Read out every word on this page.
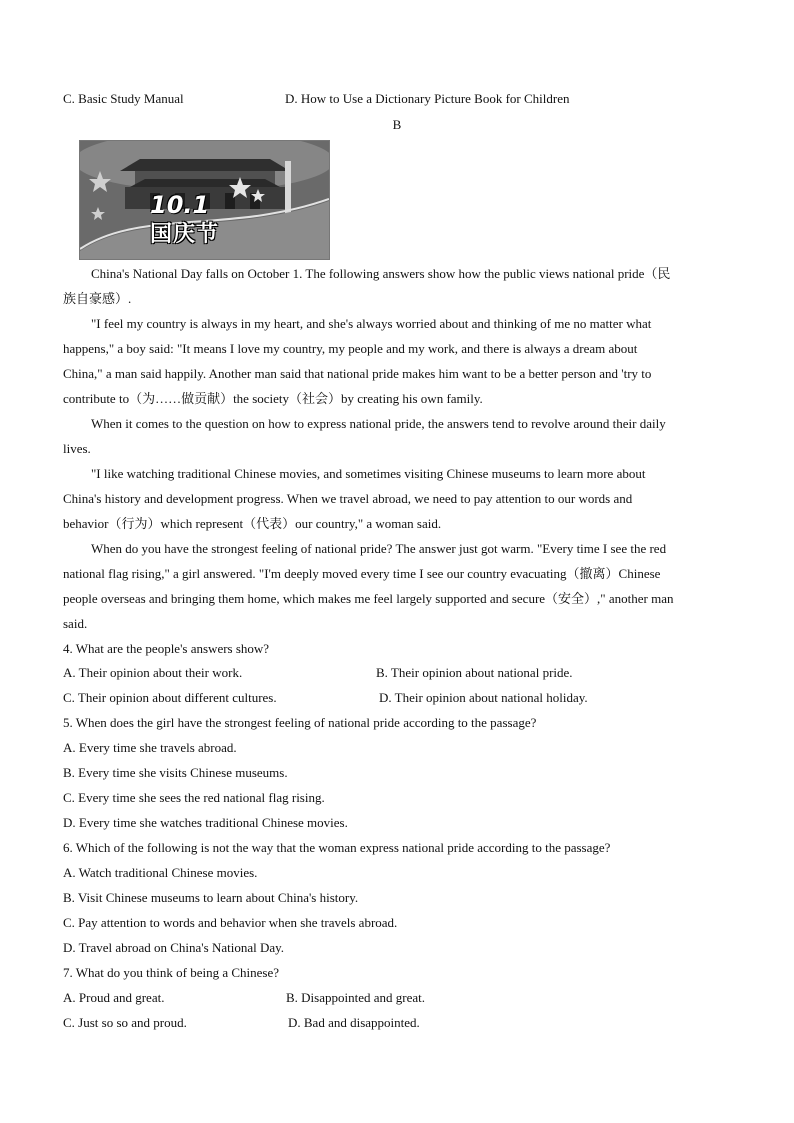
C. Basic Study Manual	D. How to Use a Dictionary Picture Book for Children
B
10.1
国庆节
China's National Day falls on October 1. The following answers show how the public views national pride（民
族自豪感）.
"I feel my country is always in my heart, and she's always worried about and thinking of me no matter what
happens," a boy said: "It means I love my country, my people and my work, and there is always a dream about
China," a man said happily. Another man said that national pride makes him want to be a better person and 'try to
contribute to（为……做贡献）the society（社会）by creating his own family.
When it comes to the question on how to express national pride, the answers tend to revolve around their daily
lives.
"I like watching traditional Chinese movies, and sometimes visiting Chinese museums to learn more about
China's history and development progress. When we travel abroad, we need to pay attention to our words and
behavior（行为）which represent（代表）our country," a woman said.
When do you have the strongest feeling of national pride? The answer just got warm. "Every time I see the red
national flag rising," a girl answered. "I'm deeply moved every time I see our country evacuating（撤离）Chinese
people overseas and bringing them home, which makes me feel largely supported and secure（安全）," another man
said.
4. What are the people's answers show?
A. Their opinion about their work.	B. Their opinion about national pride.
C. Their opinion about different cultures.	D. Their opinion about national holiday.
5. When does the girl have the strongest feeling of national pride according to the passage?
A. Every time she travels abroad.
B. Every time she visits Chinese museums.
C. Every time she sees the red national flag rising.
D. Every time she watches traditional Chinese movies.
6. Which of the following is not the way that the woman express national pride according to the passage?
A. Watch traditional Chinese movies.
B. Visit Chinese museums to learn about China's history.
C. Pay attention to words and behavior when she travels abroad.
D. Travel abroad on China's National Day.
7. What do you think of being a Chinese?
A. Proud and great.	B. Disappointed and great.
C. Just so so and proud.	D. Bad and disappointed.
